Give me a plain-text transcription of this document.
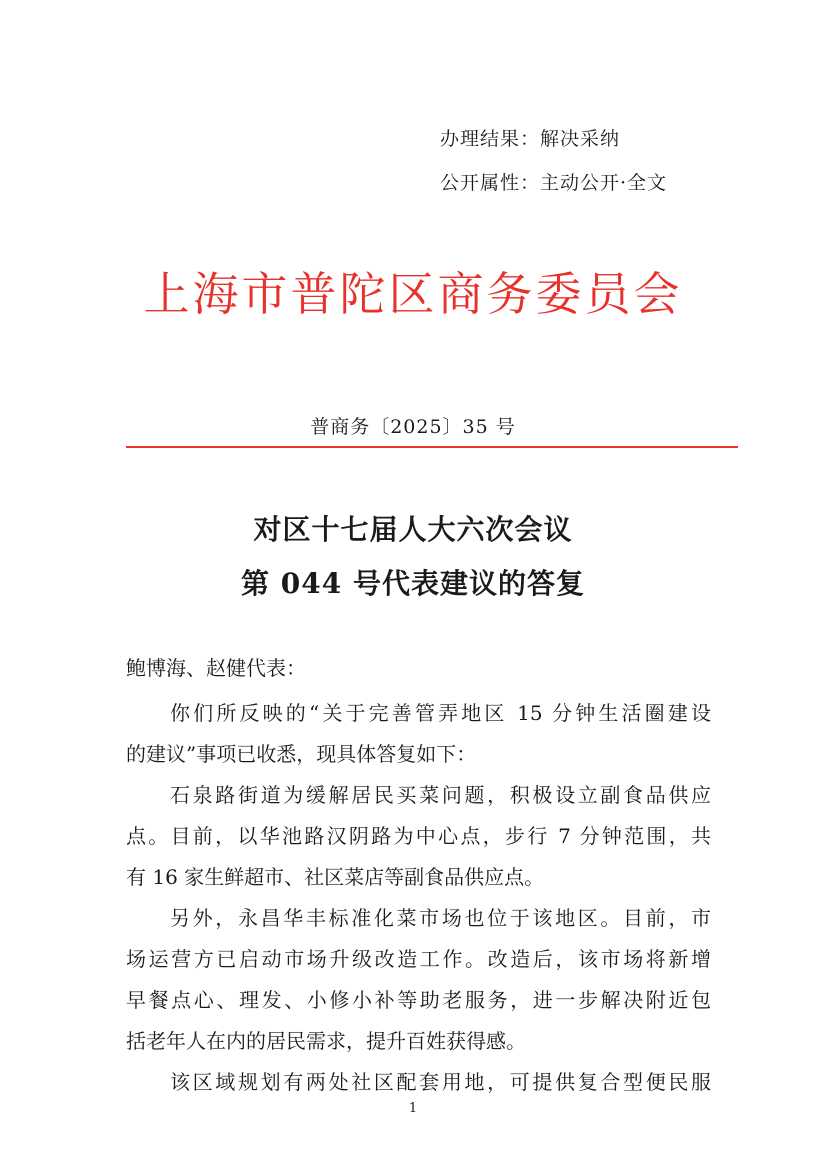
办理结果：解决采纳
公开属性：主动公开·全文
上海市普陀区商务委员会
普商务〔2025〕35 号
对区十七届人大六次会议
第 044 号代表建议的答复
鲍博海、赵健代表：
你们所反映的“关于完善管弄地区 15 分钟生活圈建设
的建议”事项已收悉，现具体答复如下：
石泉路街道为缓解居民买菜问题，积极设立副食品供应
点。目前，以华池路汉阴路为中心点，步行 7 分钟范围，共
有 16 家生鲜超市、社区菜店等副食品供应点。
另外，永昌华丰标准化菜市场也位于该地区。目前，市
场运营方已启动市场升级改造工作。改造后，该市场将新增
早餐点心、理发、小修小补等助老服务，进一步解决附近包
括老年人在内的居民需求，提升百姓获得感。
该区域规划有两处社区配套用地，可提供复合型便民服
1
